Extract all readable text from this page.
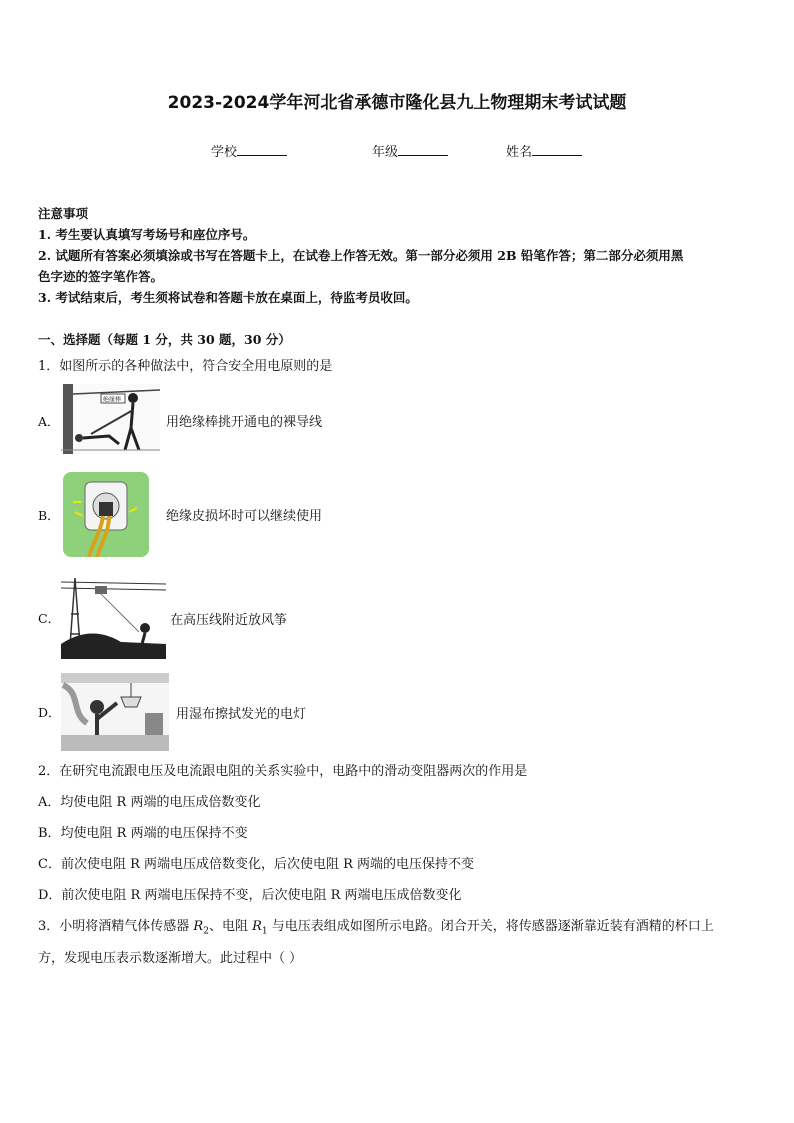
2023-2024学年河北省承德市隆化县九上物理期末考试试题
学校	年级	姓名
注意事项
1. 考生要认真填写考场号和座位序号。
2. 试题所有答案必须填涂或书写在答题卡上，在试卷上作答无效。第一部分必须用 2B 铅笔作答；第二部分必须用黑
色字迹的签字笔作答。
3. 考试结束后，考生须将试卷和答题卡放在桌面上，待监考员收回。
一、选择题（每题 1 分，共 30 题，30 分）
1．如图所示的各种做法中，符合安全用电原则的是
A．
绝缘棒
用绝缘棒挑开通电的裸导线
B．	绝缘皮损坏时可以继续使用
C．	在高压线附近放风筝
D．	用湿布擦拭发光的电灯
2．在研究电流跟电压及电流跟电阻的关系实验中，电路中的滑动变阻器两次的作用是
A．均使电阻 R 两端的电压成倍数变化
B．均使电阻 R 两端的电压保持不变
C．前次使电阻 R 两端电压成倍数变化，后次使电阻 R 两端的电压保持不变
D．前次使电阻 R 两端电压保持不变，后次使电阻 R 两端电压成倍数变化
3．小明将酒精气体传感器 $R_2$、电阻 $R_1$ 与电压表组成如图所示电路。闭合开关，将传感器逐渐靠近装有酒精的杯口上
方，发现电压表示数逐渐增大。此过程中（ ）
